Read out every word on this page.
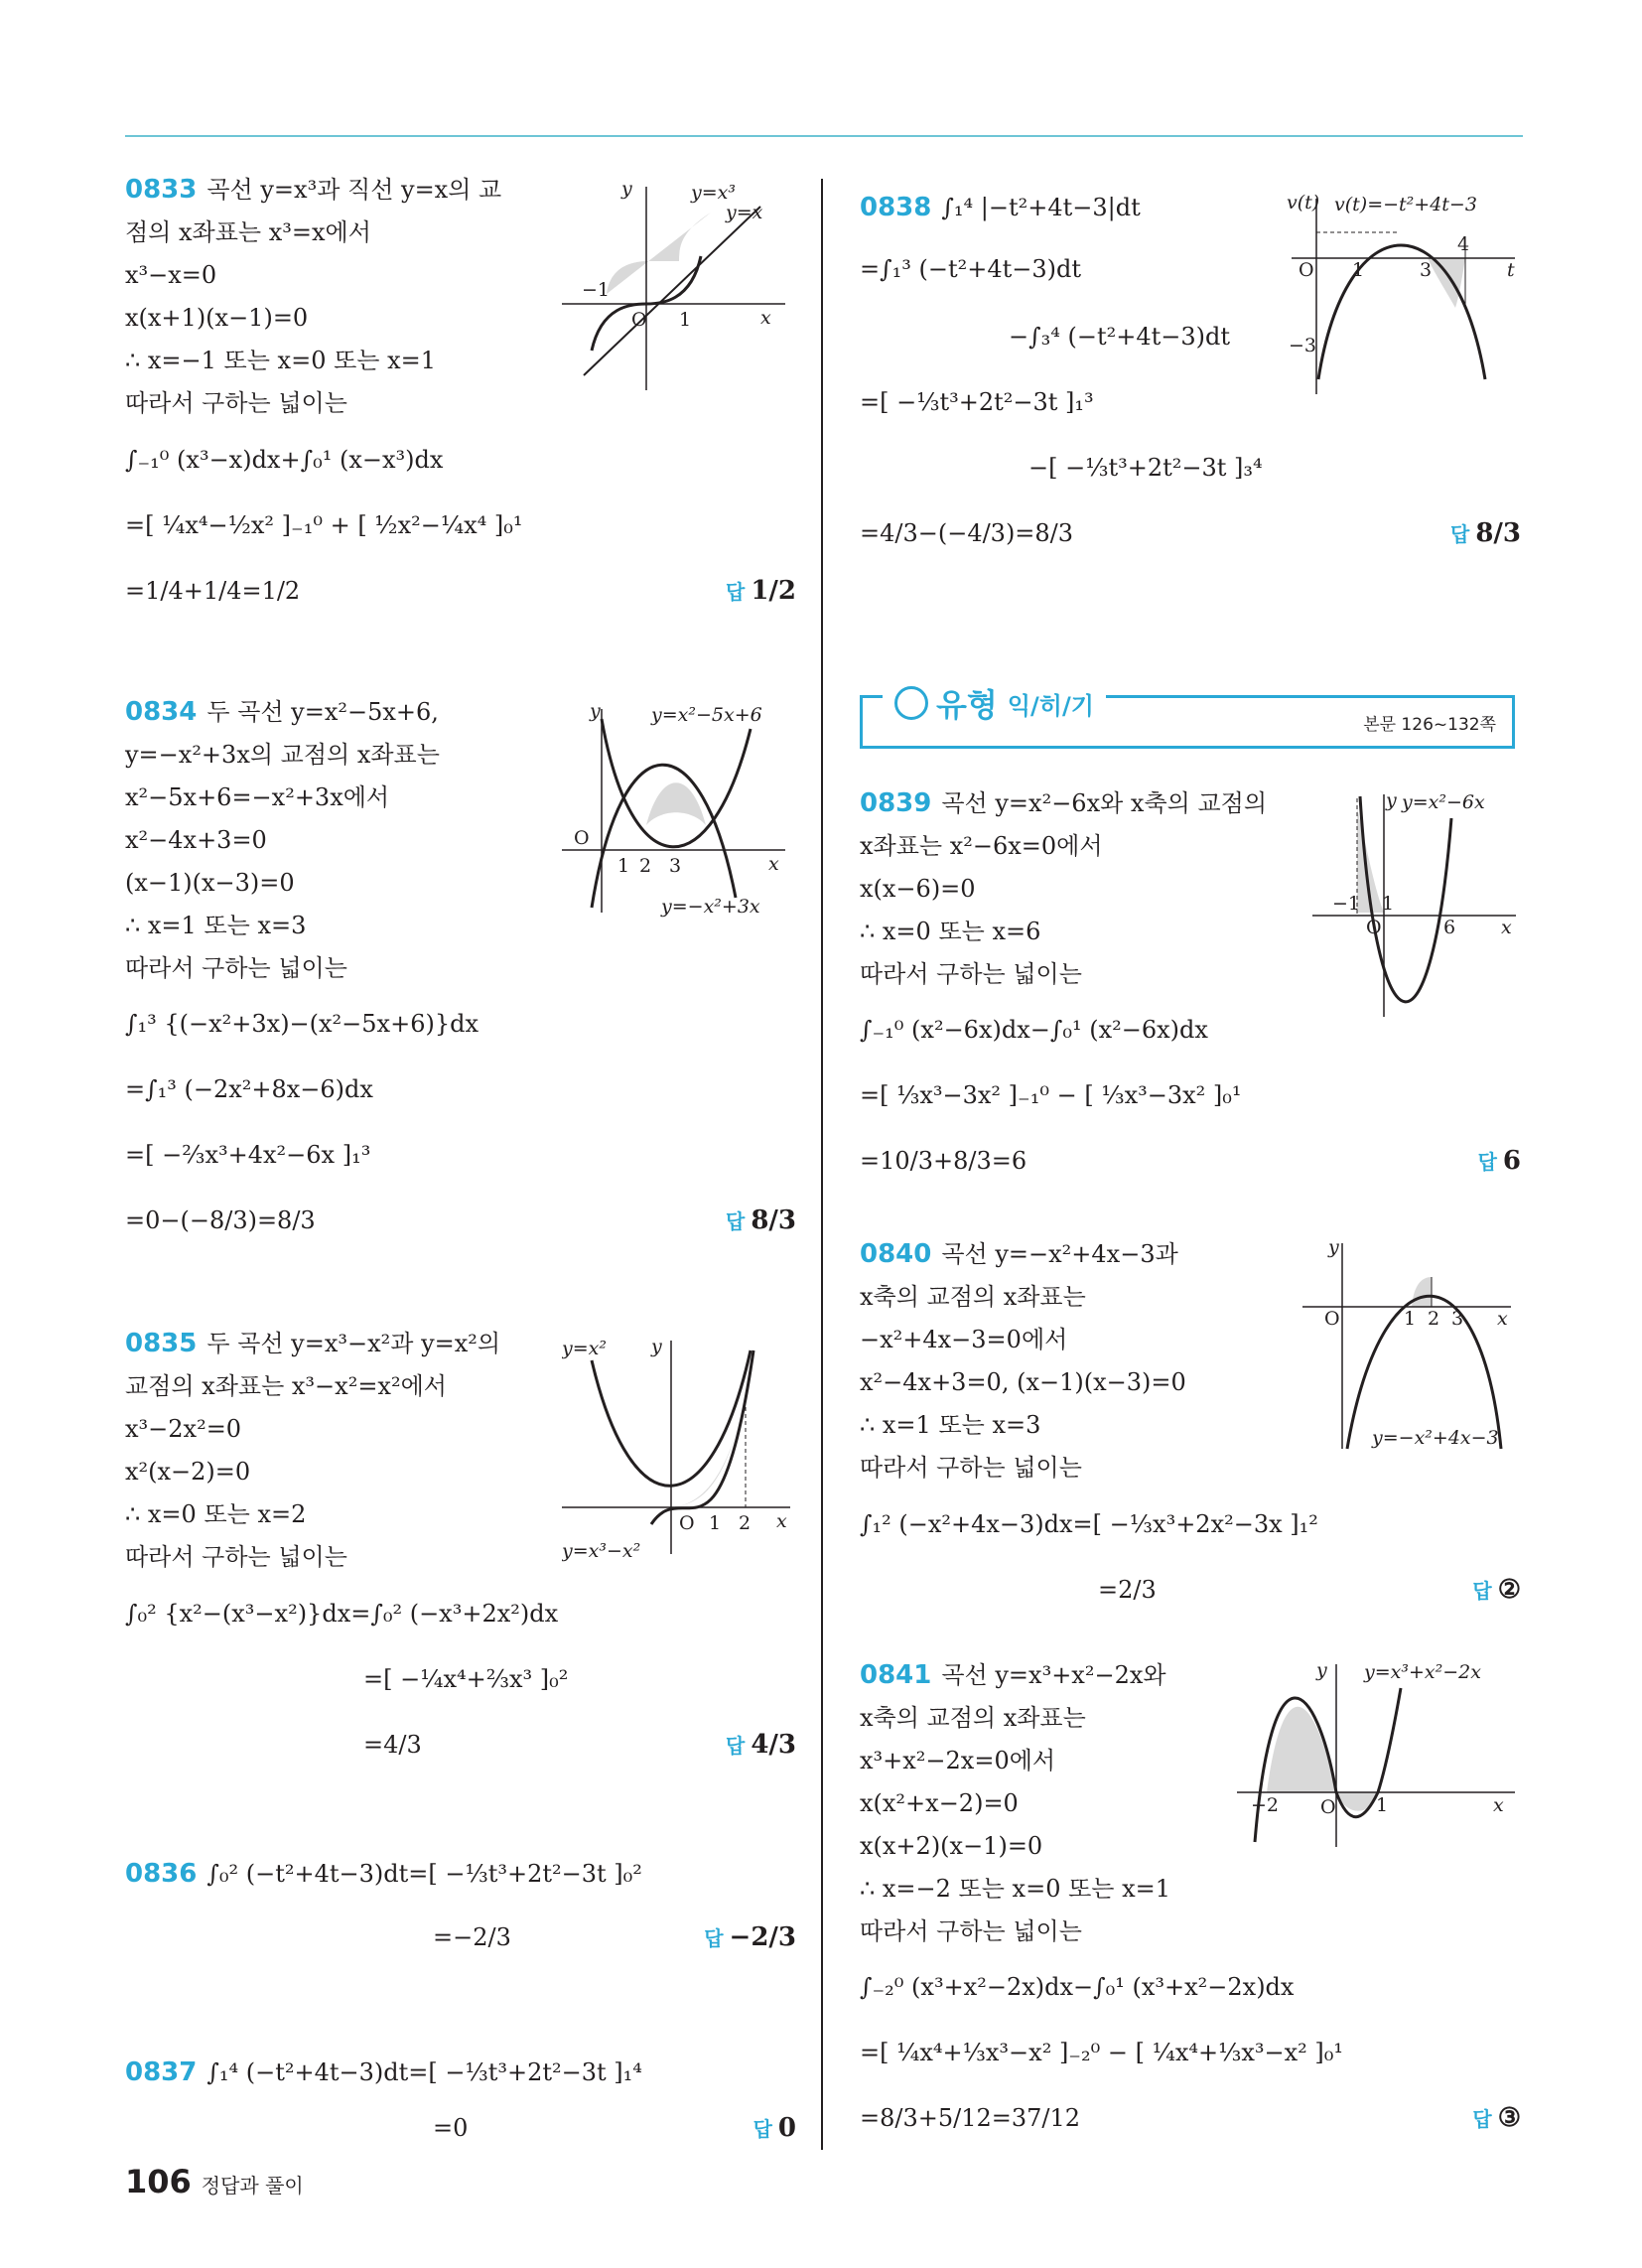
0833 곡선 y=x³과 직선 y=x의 교
점의 x좌표는 x³=x에서
x³−x=0
x(x+1)(x−1)=0
∴ x=−1 또는 x=0 또는 x=1
따라서 구하는 넓이는
∫₋₁⁰ (x³−x)dx+∫₀¹ (x−x³)dx
=[ ¼x⁴−½x² ]₋₁⁰ + [ ½x²−¼x⁴ ]₀¹
=1/4+1/4=1/2	답 1/2
y	y=x³
y=x
−1
O 1	x
0834 두 곡선 y=x²−5x+6,
y=−x²+3x의 교점의 x좌표는
x²−5x+6=−x²+3x에서
x²−4x+3=0
(x−1)(x−3)=0
∴ x=1 또는 x=3
따라서 구하는 넓이는
∫₁³ {(−x²+3x)−(x²−5x+6)}dx
=∫₁³ (−2x²+8x−6)dx
=[ −⅔x³+4x²−6x ]₁³
=0−(−8/3)=8/3	답 8/3
y	y=x²−5x+6
O
1 2 3	x
y=−x²+3x
0835 두 곡선 y=x³−x²과 y=x²의
교점의 x좌표는 x³−x²=x²에서
x³−2x²=0
x²(x−2)=0
∴ x=0 또는 x=2
따라서 구하는 넓이는
∫₀² {x²−(x³−x²)}dx=∫₀² (−x³+2x²)dx
=[ −¼x⁴+⅔x³ ]₀²
=4/3	답 4/3
y=x² y
O 1 2 x
y=x³−x²
0836 ∫₀² (−t²+4t−3)dt=[ −⅓t³+2t²−3t ]₀²
=−2/3	답 −2/3
0837 ∫₁⁴ (−t²+4t−3)dt=[ −⅓t³+2t²−3t ]₁⁴
=0	답 0
0838 ∫₁⁴ |−t²+4t−3|dt
=∫₁³ (−t²+4t−3)dt
−∫₃⁴ (−t²+4t−3)dt
=[ −⅓t³+2t²−3t ]₁³
−[ −⅓t³+2t²−3t ]₃⁴
=4/3−(−4/3)=8/3	답 8/3
v(t) v(t)=−t²+4t−3
O 1	3
4
t
−3
유형 익/히/기
본문 126~132쪽
0839 곡선 y=x²−6x와 x축의 교점의
x좌표는 x²−6x=0에서
x(x−6)=0
∴ x=0 또는 x=6
따라서 구하는 넓이는
∫₋₁⁰ (x²−6x)dx−∫₀¹ (x²−6x)dx
=[ ⅓x³−3x² ]₋₁⁰ − [ ⅓x³−3x² ]₀¹
=10/3+8/3=6	답 6
y y=x²−6x
−1 1
O	6 x
0840 곡선 y=−x²+4x−3과
x축의 교점의 x좌표는
−x²+4x−3=0에서
x²−4x+3=0, (x−1)(x−3)=0
∴ x=1 또는 x=3
따라서 구하는 넓이는
∫₁² (−x²+4x−3)dx=[ −⅓x³+2x²−3x ]₁²
=2/3	답 ②
y
O	1 2 3 x
y=−x²+4x−3
0841 곡선 y=x³+x²−2x와
x축의 교점의 x좌표는
x³+x²−2x=0에서
x(x²+x−2)=0
x(x+2)(x−1)=0
∴ x=−2 또는 x=0 또는 x=1
따라서 구하는 넓이는
∫₋₂⁰ (x³+x²−2x)dx−∫₀¹ (x³+x²−2x)dx
=[ ¼x⁴+⅓x³−x² ]₋₂⁰ − [ ¼x⁴+⅓x³−x² ]₀¹
=8/3+5/12=37/12	답 ③
y y=x³+x²−2x
−2 O 1	x
106 정답과 풀이
